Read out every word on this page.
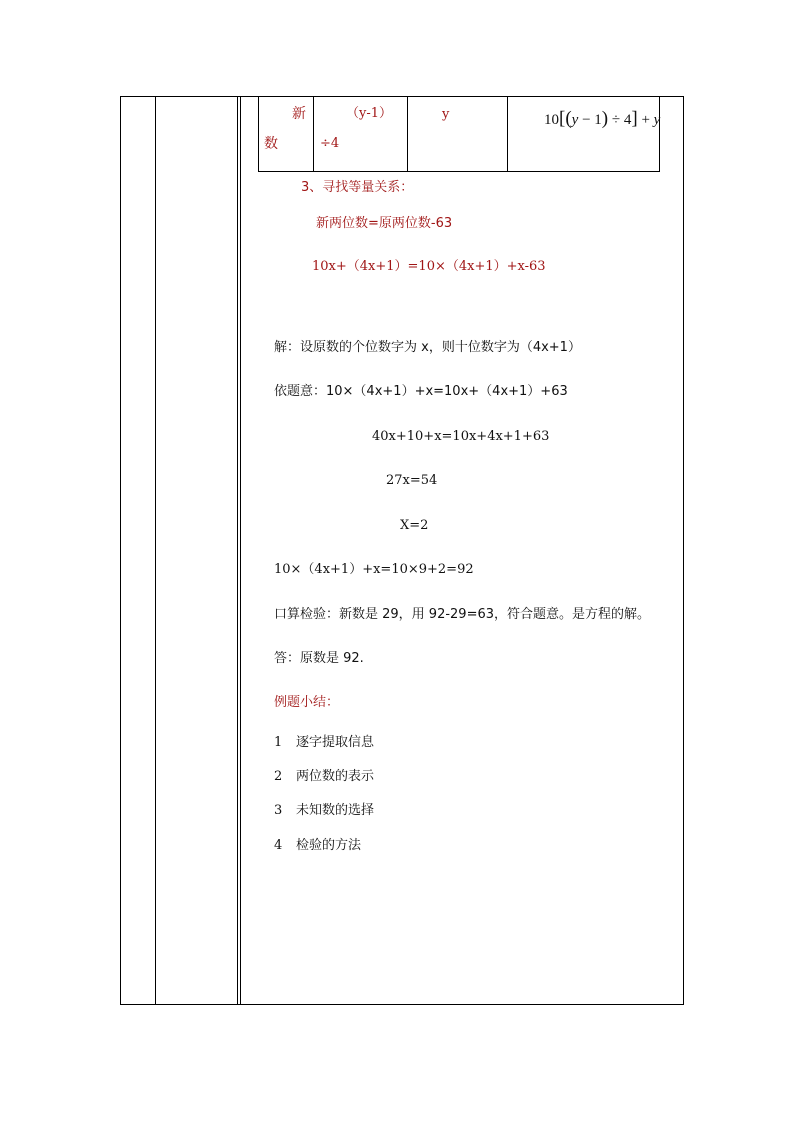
新
数
（y-1）
÷4
y	10[(y − 1) ÷ 4] + y
3、寻找等量关系：
新两位数=原两位数-63
10x+（4x+1）=10×（4x+1）+x-63
解：设原数的个位数字为 x，则十位数字为（4x+1）
依题意：10×（4x+1）+x=10x+（4x+1）+63
40x+10+x=10x+4x+1+63
27x=54
X=2
10×（4x+1）+x=10×9+2=92
口算检验：新数是 29，用 92-29=63，符合题意。是方程的解。
答：原数是 92.
例题小结：
1 逐字提取信息
2 两位数的表示
3 未知数的选择
4 检验的方法
